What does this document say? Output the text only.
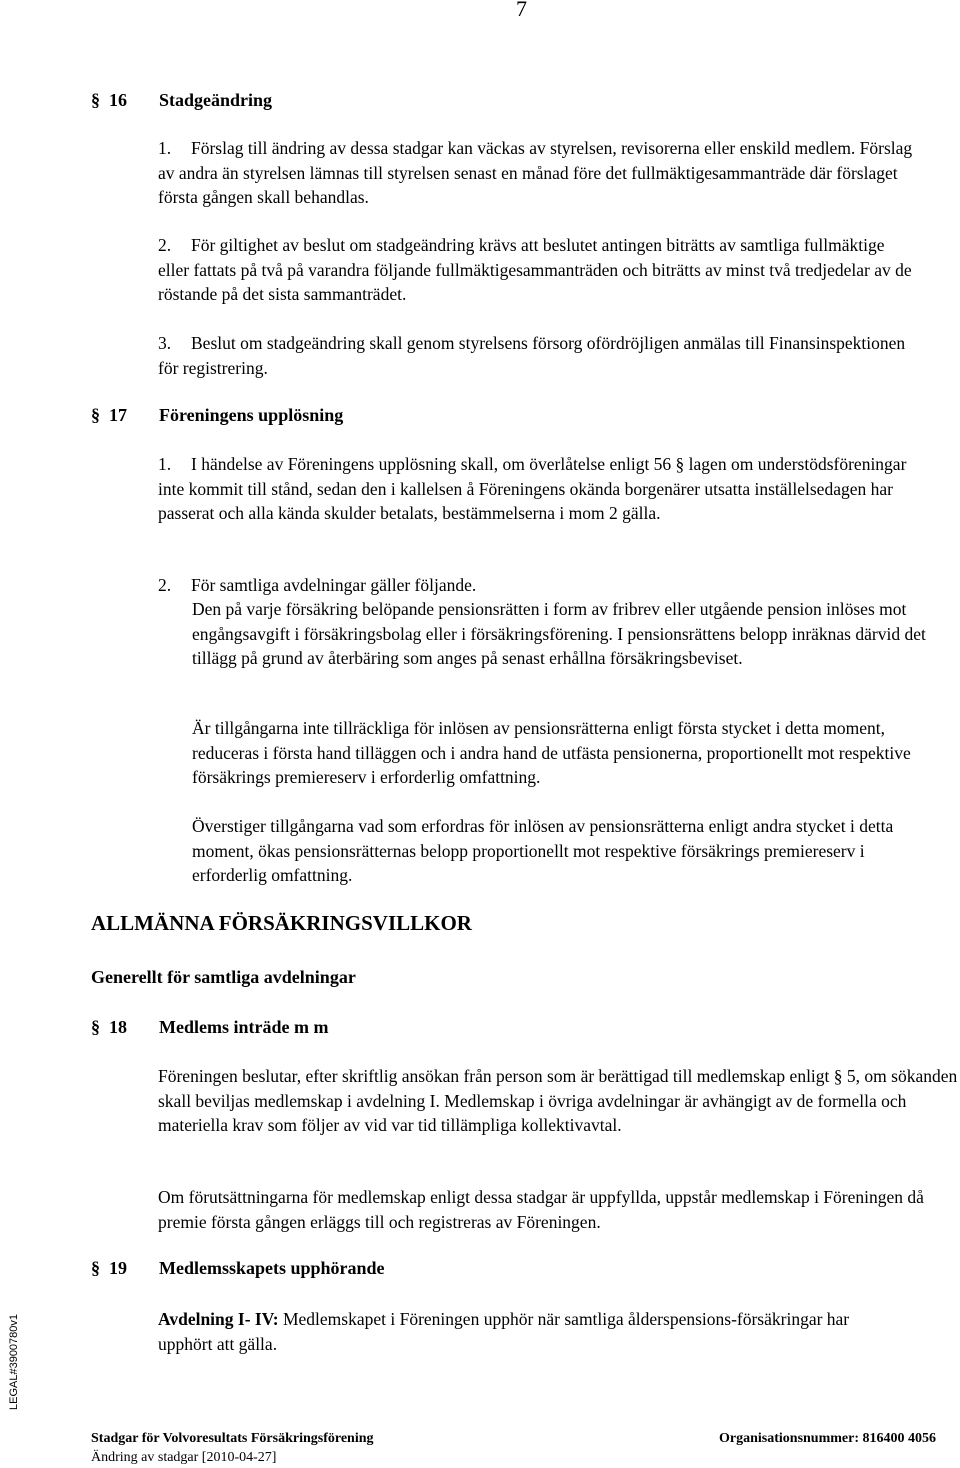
7
§ 16 Stadgeändring
1.	Förslag till ändring av dessa stadgar kan väckas av styrelsen, revisorerna eller enskild medlem. Förslag av andra än styrelsen lämnas till styrelsen senast en månad före det fullmäktigesammanträde där förslaget första gången skall behandlas.

2.	För giltighet av beslut om stadgeändring krävs att beslutet antingen biträtts av samtliga fullmäktige eller fattats på två på varandra följande fullmäktigesammanträden och biträtts av minst två tredjedelar av de röstande på det sista sammanträdet.

3.	Beslut om stadgeändring skall genom styrelsens försorg ofördröjligen anmälas till Finansinspektionen för registrering.

§ 17 Föreningens upplösning
1.	I händelse av Föreningens upplösning skall, om överlåtelse enligt 56 § lagen om understödsföreningar inte kommit till stånd, sedan den i kallelsen å Föreningens okända borgenärer utsatta inställelsedagen har passerat och alla kända skulder betalats, bestämmelserna i mom 2 gälla.

2.	För samtliga avdelningar gäller följande.

Den på varje försäkring belöpande pensionsrätten i form av fribrev eller utgående pension inlöses mot engångsavgift i försäkringsbolag eller i försäkringsförening. I pensionsrättens belopp inräknas därvid det tillägg på grund av återbäring som anges på senast erhållna försäkringsbeviset.

Är tillgångarna inte tillräckliga för inlösen av pensionsrätterna enligt första stycket i detta moment, reduceras i första hand tilläggen och i andra hand de utfästa pensionerna, proportionellt mot respektive försäkrings premiereserv i erforderlig omfattning.

Överstiger tillgångarna vad som erfordras för inlösen av pensionsrätterna enligt andra stycket i detta moment, ökas pensionsrätternas belopp proportionellt mot respektive försäkrings premiereserv i erforderlig omfattning.

ALLMÄNNA FÖRSÄKRINGSVILLKOR
Generellt för samtliga avdelningar
§ 18 Medlems inträde m m

Föreningen beslutar, efter skriftlig ansökan från person som är berättigad till medlemskap enligt § 5, om sökanden skall beviljas medlemskap i avdelning I. Medlemskap i övriga avdelningar är avhängigt av de formella och materiella krav som följer av vid var tid tillämpliga kollektivavtal.

Om förutsättningarna för medlemskap enligt dessa stadgar är uppfyllda, uppstår medlemskap i Föreningen då premie första gången erläggs till och registreras av Föreningen.

§ 19 Medlemsskapets upphörande

Avdelning I- IV: Medlemskapet i Föreningen upphör när samtliga ålderspensions-försäkringar har upphört att gälla.

Stadgar för Volvoresultats Försäkringsförening	Organisationsnummer: 816400 4056
Ändring av stadgar [2010-04-27]
LEGAL#3900780v1
